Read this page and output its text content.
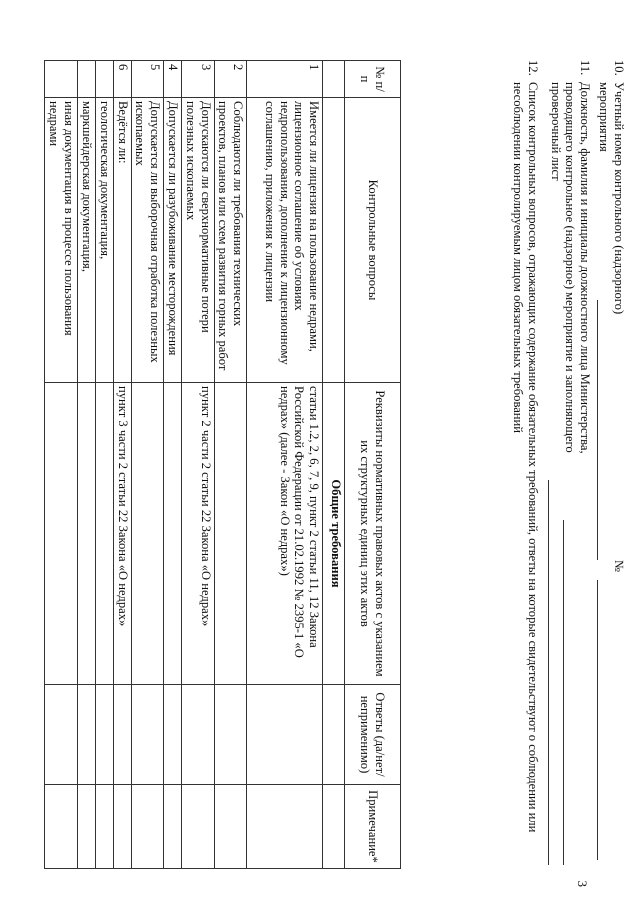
3
10.
Учетный номер контрольного (надзорного) мероприятия
№
11.
Должность, фамилия и инициалы должностного лица Министерства, проводящего контрольное (надзорное) мероприятие и заполняющего проверочный лист
12.
Список контрольных вопросов, отражающих содержание обязательных требований, ответы на которые свидетельствуют о соблюдении или несоблюдении контролируемым лицом обязательных требований
№ п/п	Контрольные вопросы	Реквизиты нормативных правовых актов с указанием их структурных единиц этих актов	Ответы (да/нет/ неприменимо)	Примечание*
		Общие требования		
1	Имеется ли лицензия на пользование недрами, лицензионное соглашение об условиях недропользования, дополнение к лицензионному соглашению, приложения к лицензии	статьи 1.2, 2, 6, 7, 9, пункт 2 статьи 11, 12 Закона Российской Федерации от 21.02.1992 № 2395-1 «О недрах» (далее - Закон «О недрах»)		
2	Соблюдаются ли требования технических проектов, планов или схем развития горных работ			
3	Допускаются ли сверхнормативные потери полезных ископаемых	пункт 2 части 2 статьи 22 Закона «О недрах»		
4	Допускается ли разубоживание месторождения			
5	Допускается ли выборочная отработка полезных ископаемых			
6	Ведётся ли:	пункт 3 части 2 статьи 22 Закона «О недрах»		
	геологическая документация,			
	маркшейдерская документация,			
	иная документация в процессе пользования недрами			
